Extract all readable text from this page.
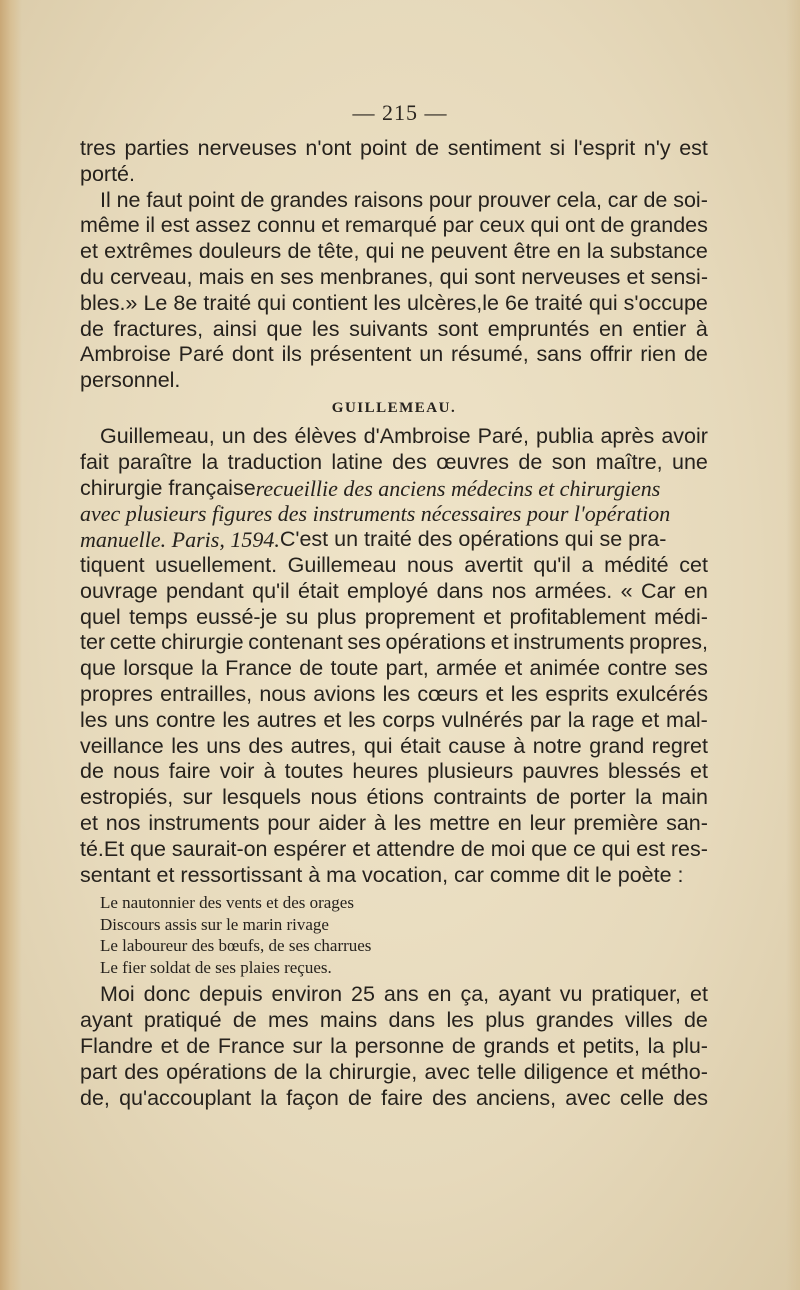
— 215 —
tres parties nerveuses n'ont point de sentiment si l'esprit n'y est
porté.
Il ne faut point de grandes raisons pour prouver cela, car de soi-
même il est assez connu et remarqué par ceux qui ont de grandes
et extrêmes douleurs de tête, qui ne peuvent être en la substance
du cerveau, mais en ses menbranes, qui sont nerveuses et sensi-
bles.» Le 8e traité qui contient les ulcères,le 6e traité qui s'occupe
de fractures, ainsi que les suivants sont empruntés en entier à
Ambroise Paré dont ils présentent un résumé, sans offrir rien de
personnel.
GUILLEMEAU.
Guillemeau, un des élèves d'Ambroise Paré, publia après avoir
fait paraître la traduction latine des œuvres de son maître, une
chirurgie française recueillie des anciens médecins et chirurgiens
avec plusieurs figures des instruments nécessaires pour l'opération
manuelle. Paris, 1594. C'est un traité des opérations qui se pra-
tiquent usuellement. Guillemeau nous avertit qu'il a médité cet
ouvrage pendant qu'il était employé dans nos armées. « Car en
quel temps eussé-je su plus proprement et profitablement médi-
ter cette chirurgie contenant ses opérations et instruments propres,
que lorsque la France de toute part, armée et animée contre ses
propres entrailles, nous avions les cœurs et les esprits exulcérés
les uns contre les autres et les corps vulnérés par la rage et mal-
veillance les uns des autres, qui était cause à notre grand regret
de nous faire voir à toutes heures plusieurs pauvres blessés et
estropiés, sur lesquels nous étions contraints de porter la main
et nos instruments pour aider à les mettre en leur première san-
té.Et que saurait-on espérer et attendre de moi que ce qui est res-
sentant et ressortissant à ma vocation, car comme dit le poète :
Le nautonnier des vents et des orages
Discours assis sur le marin rivage
Le laboureur des bœufs, de ses charrues
Le fier soldat de ses plaies reçues.
Moi donc depuis environ 25 ans en ça, ayant vu pratiquer, et
ayant pratiqué de mes mains dans les plus grandes villes de
Flandre et de France sur la personne de grands et petits, la plu-
part des opérations de la chirurgie, avec telle diligence et métho-
de, qu'accouplant la façon de faire des anciens, avec celle des
